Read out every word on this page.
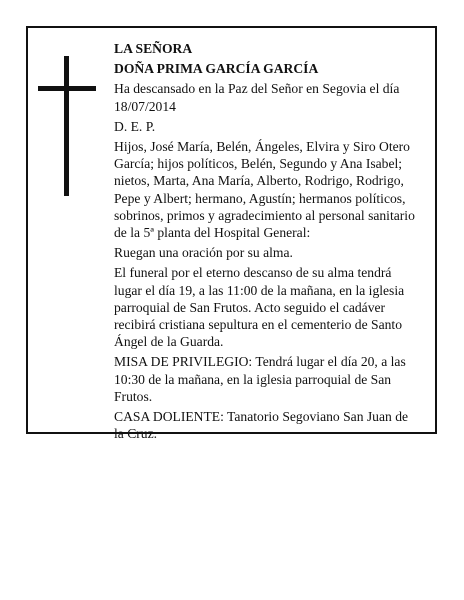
LA SEÑORA

DOÑA PRIMA GARCÍA GARCÍA

Ha descansado en la Paz del Señor en Segovia el día 18/07/2014

D. E. P.

Hijos, José María, Belén, Ángeles, Elvira y Siro Otero García; hijos políticos, Belén, Segundo y Ana Isabel; nietos, Marta, Ana María, Alberto, Rodrigo, Rodrigo, Pepe y Albert; hermano, Agustín; hermanos políticos, sobrinos, primos y agradecimiento al personal sanitario de la 5ª planta del Hospital General:

Ruegan una oración por su alma.

El funeral por el eterno descanso de su alma tendrá lugar el día 19, a las 11:00 de la mañana, en la iglesia parroquial de San Frutos. Acto seguido el cadáver recibirá cristiana sepultura en el cementerio de Santo Ángel de la Guarda.

MISA DE PRIVILEGIO: Tendrá lugar el día 20, a las 10:30 de la mañana, en la iglesia parroquial de San Frutos.

CASA DOLIENTE: Tanatorio Segoviano San Juan de la Cruz.
